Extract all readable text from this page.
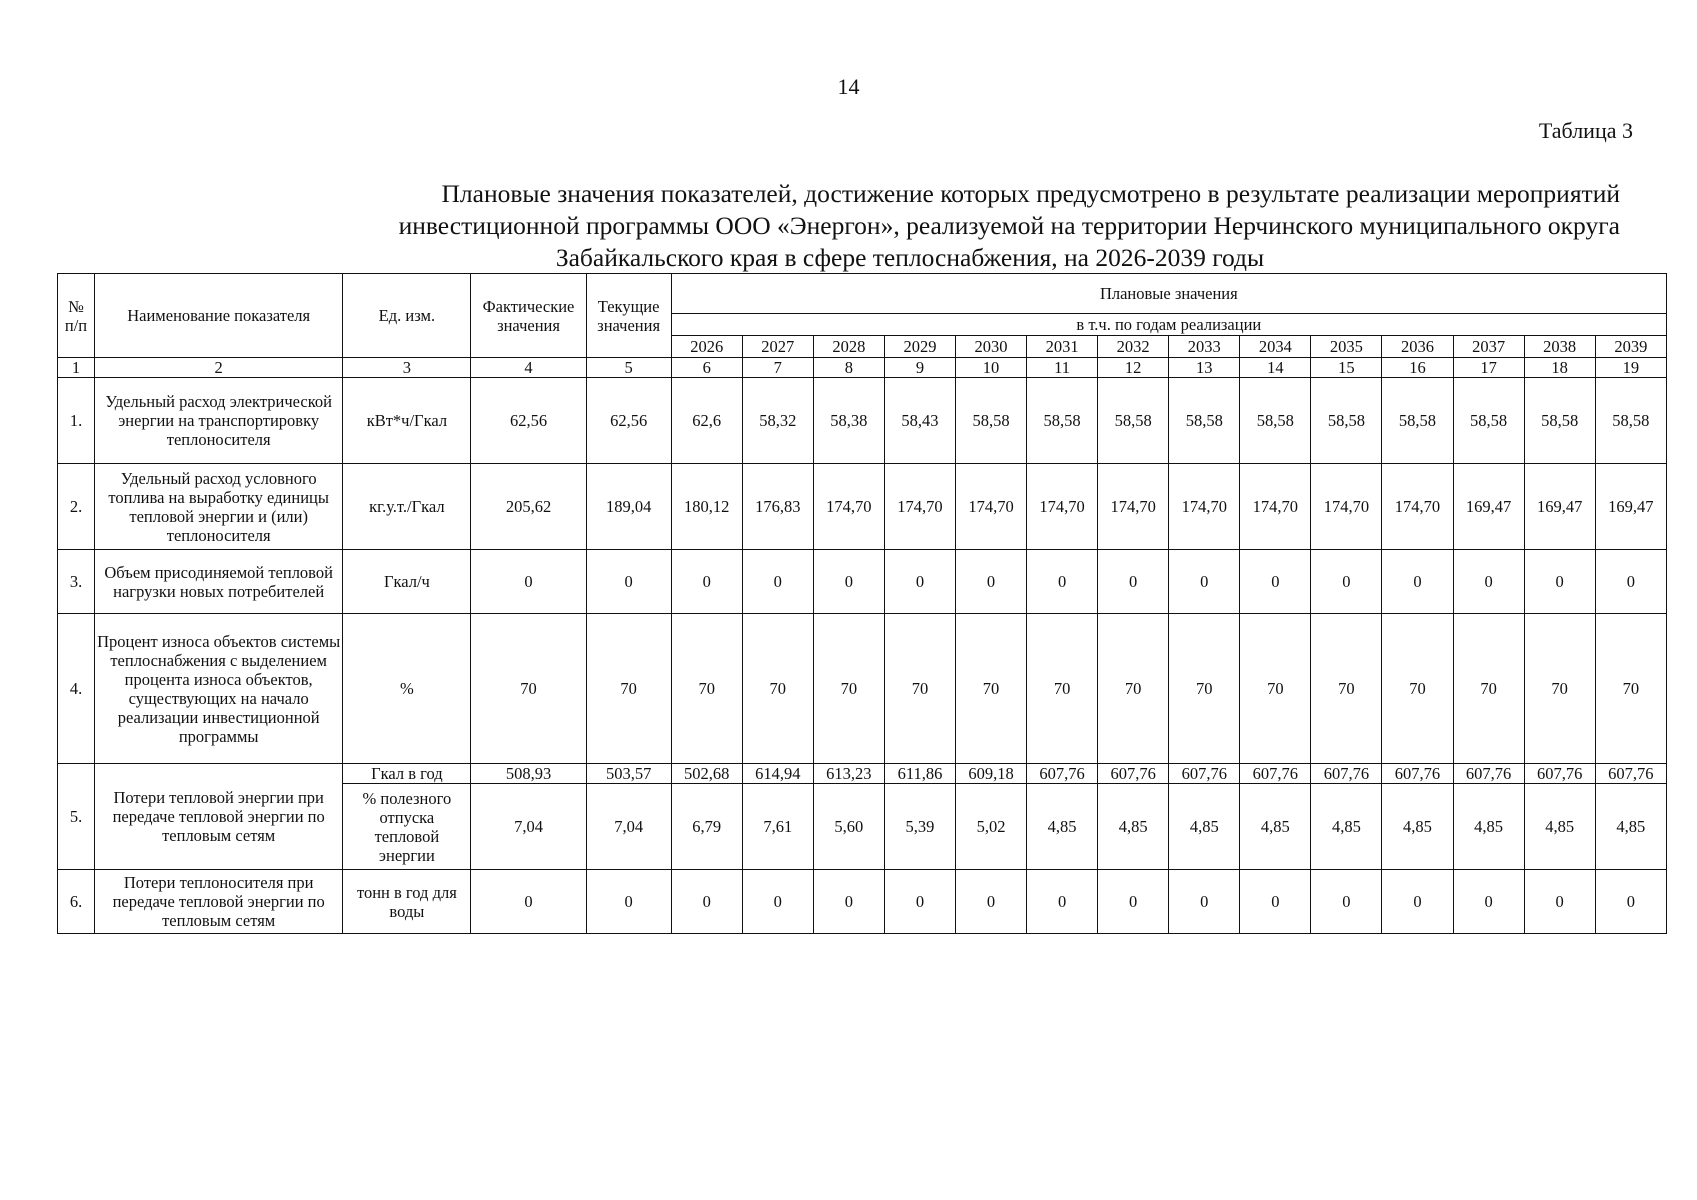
14
Таблица 3
Плановые значения показателей, достижение которых предусмотрено в результате реализации мероприятий
инвестиционной программы ООО «Энергон», реализуемой на территории Нерчинского муниципального округа
Забайкальского края в сфере теплоснабжения, на 2026-2039 годы
№ п/п	Наименование показателя	Ед. изм.	Фактические значения	Текущие значения	Плановые значения													
					в т.ч. по годам реализации													
					2026	2027	2028	2029	2030	2031	2032	2033	2034	2035	2036	2037	2038	2039
1	2	3	4	5	6	7	8	9	10	11	12	13	14	15	16	17	18	19
1.	Удельный расход электрической энергии на транспортировку теплоносителя	кВт*ч/Гкал	62,56	62,56	62,6	58,32	58,38	58,43	58,58	58,58	58,58	58,58	58,58	58,58	58,58	58,58	58,58	58,58
2.	Удельный расход условного топлива на выработку единицы тепловой энергии и (или) теплоносителя	кг.у.т./Гкал	205,62	189,04	180,12	176,83	174,70	174,70	174,70	174,70	174,70	174,70	174,70	174,70	174,70	169,47	169,47	169,47
3.	Объем присодиняемой тепловой нагрузки новых потребителей	Гкал/ч	0	0	0	0	0	0	0	0	0	0	0	0	0	0	0	0
4.	Процент износа объектов системы теплоснабжения с выделением процента износа объектов, существующих на начало реализации инвестиционной программы	%	70	70	70	70	70	70	70	70	70	70	70	70	70	70	70	70
5.	Потери тепловой энергии при передаче тепловой энергии по тепловым сетям	Гкал в год	508,93	503,57	502,68	614,94	613,23	611,86	609,18	607,76	607,76	607,76	607,76	607,76	607,76	607,76	607,76	607,76
		% полезного отпуска тепловой энергии	7,04	7,04	6,79	7,61	5,60	5,39	5,02	4,85	4,85	4,85	4,85	4,85	4,85	4,85	4,85	4,85
6.	Потери теплоносителя при передаче тепловой энергии по тепловым сетям	тонн в год для воды	0	0	0	0	0	0	0	0	0	0	0	0	0	0	0	0
